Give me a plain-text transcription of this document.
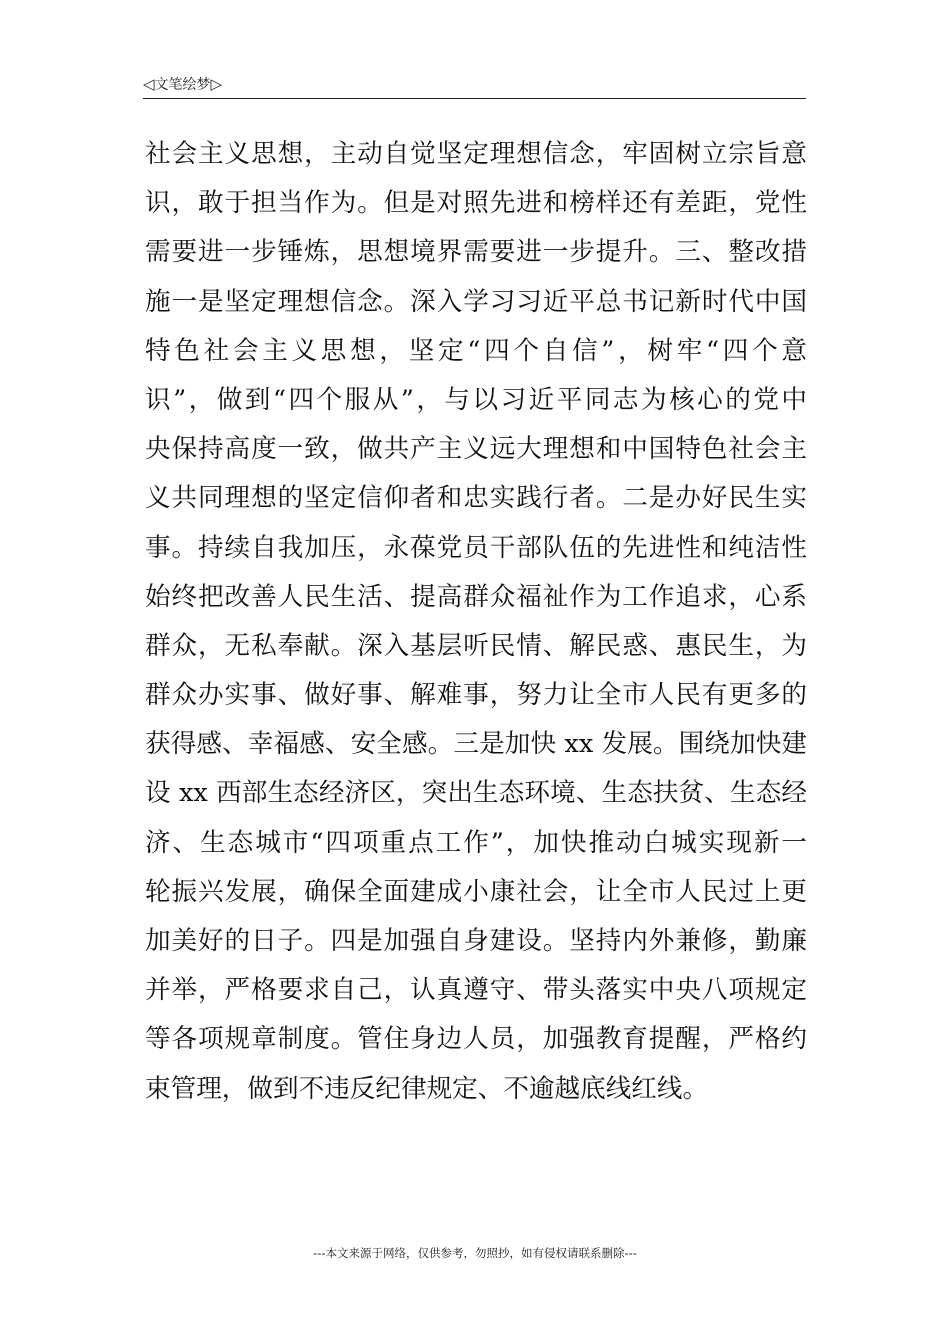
◁文笔绘梦▷
社会主义思想，主动自觉坚定理想信念，牢固树立宗旨意
识，敢于担当作为。但是对照先进和榜样还有差距，党性
需要进一步锤炼，思想境界需要进一步提升。三、整改措
施一是坚定理想信念。深入学习习近平总书记新时代中国
特色社会主义思想，坚定“四个自信”，树牢“四个意
识”，做到“四个服从”，与以习近平同志为核心的党中
央保持高度一致，做共产主义远大理想和中国特色社会主
义共同理想的坚定信仰者和忠实践行者。二是办好民生实
事。持续自我加压，永葆党员干部队伍的先进性和纯洁性
始终把改善人民生活、提高群众福祉作为工作追求，心系
群众，无私奉献。深入基层听民情、解民惑、惠民生，为
群众办实事、做好事、解难事，努力让全市人民有更多的
获得感、幸福感、安全感。三是加快 xx 发展。围绕加快建
设 xx 西部生态经济区，突出生态环境、生态扶贫、生态经
济、生态城市“四项重点工作”，加快推动白城实现新一
轮振兴发展，确保全面建成小康社会，让全市人民过上更
加美好的日子。四是加强自身建设。坚持内外兼修，勤廉
并举，严格要求自己，认真遵守、带头落实中央八项规定
等各项规章制度。管住身边人员，加强教育提醒，严格约
束管理，做到不违反纪律规定、不逾越底线红线。
---本文来源于网络，仅供参考，勿照抄，如有侵权请联系删除---
